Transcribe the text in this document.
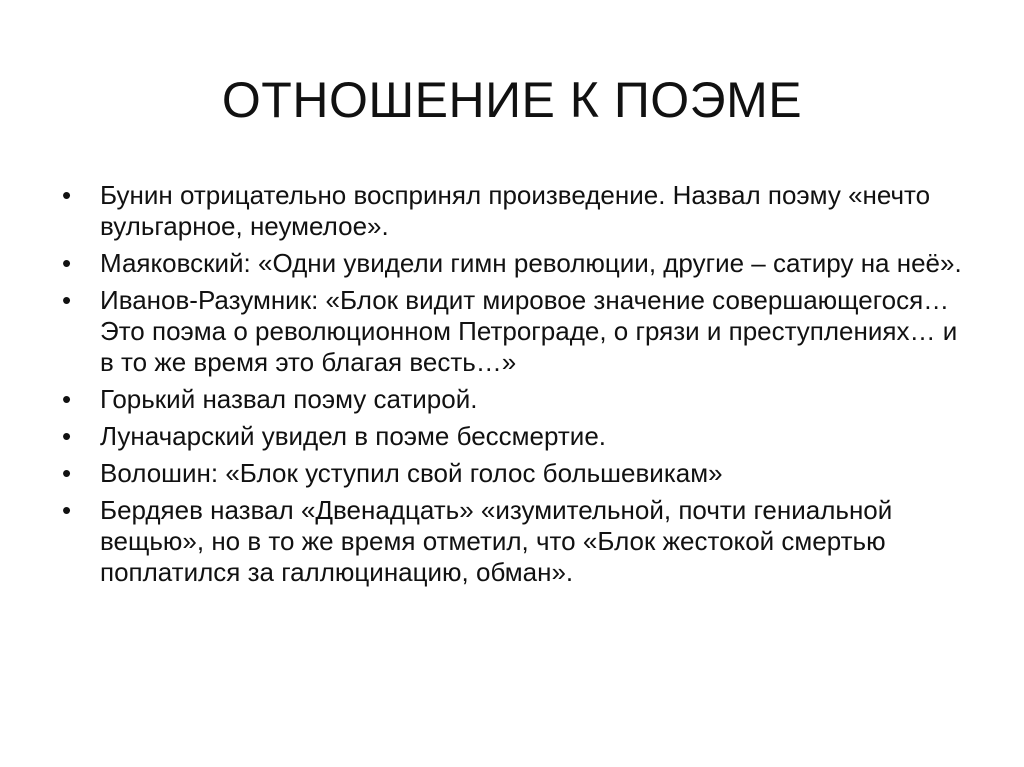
ОТНОШЕНИЕ К ПОЭМЕ
•	Бунин отрицательно воспринял произведение. Назвал поэму «нечто вульгарное, неумелое».
•	Маяковский: «Одни увидели гимн революции, другие – сатиру на неё».
•	Иванов-Разумник: «Блок видит мировое значение совершающегося… Это поэма о революционном Петрограде, о грязи и преступлениях… и в то же время это благая весть…»
•	Горький назвал поэму сатирой.
•	Луначарский увидел в поэме бессмертие.
•	Волошин: «Блок уступил свой голос большевикам»
•	Бердяев назвал «Двенадцать» «изумительной, почти гениальной вещью», но в то же время отметил, что «Блок жестокой смертью поплатился за галлюцинацию, обман».
